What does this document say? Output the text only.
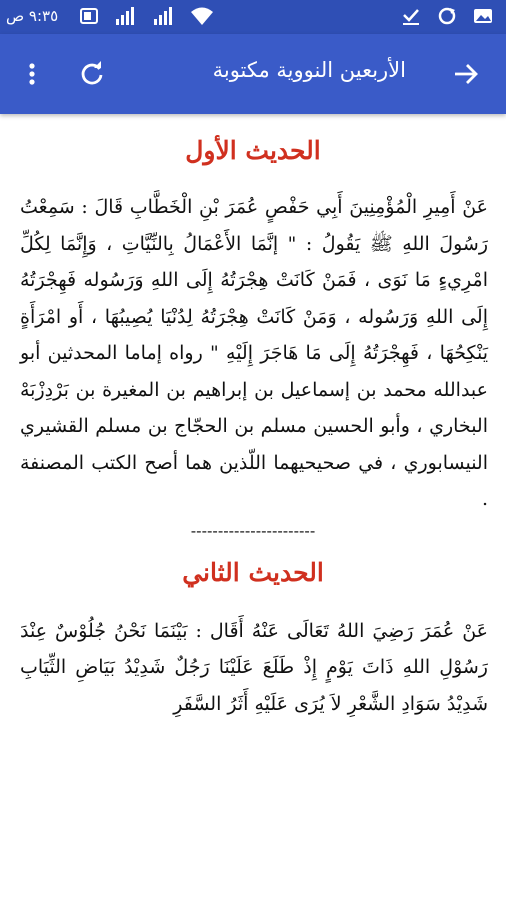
٩:٣٥ ص
الأربعين النووية مكتوبة
الحديث الأول
عَنْ أَمِيرِ الْمُؤْمِنِينَ أَبِي حَفْصٍ عُمَرَ بْنِ الْخَطَّابِ قَالَ : سَمِعْتُ رَسُولَ اللهِ ﷺ يَقُولُ : " إنَّمَا الأَعْمَالُ بِالنِّيَّاتِ ، وَإِنَّمَا لِكُلِّ امْرِيءٍ مَا نَوَى ، فَمَنْ كَانَتْ هِجْرَتُهُ إِلَى اللهِ وَرَسُوله فَهِجْرَتُهُ إِلَى اللهِ وَرَسُوله ، وَمَنْ كَانَتْ هِجْرَتُهُ لِدُنْيَا يُصِيبُهَا ، أَو امْرَأَةٍ يَنْكِحُهَا ، فَهِجْرَتُهُ إِلَى مَا هَاجَرَ إِلَيْهِ " رواه إماما المحدثين أبو عبدالله محمد بن إسماعيل بن إبراهيم بن المغيرة بن بَرْدِزْبَهْ البخاري ، وأبو الحسين مسلم بن الحجّاج بن مسلم القشيري النيسابوري ، في صحيحيهما اللّذين هما أصح الكتب المصنفة .
-----------------------
الحديث الثاني
عَنْ عُمَرَ رَضِيَ اللهُ تَعَالَى عَنْهُ أَقَال : بَيْنَمَا نَحْنُ جُلُوْسٌ عِنْدَ رَسُوْلِ اللهِ ذَاتَ يَوْمٍ إِذْ طَلَعَ عَلَيْنَا رَجُلٌ شَدِيْدُ بَيَاضِ الثِّيَابِ شَدِيْدُ سَوَادِ الشَّعْرِ لاَ يُرَى عَلَيْهِ أَثَرُ السَّفَرِ
